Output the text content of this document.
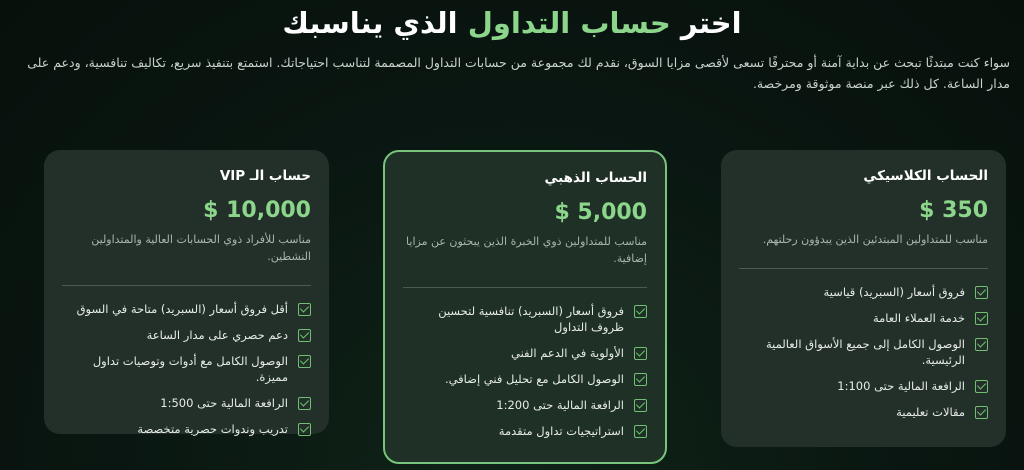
اختر حساب التداول الذي يناسبك

سواء كنت مبتدئًا تبحث عن بداية آمنة أو محترفًا تسعى لأقصى مزايا السوق، نقدم لك مجموعة من حسابات التداول المصممة لتناسب احتياجاتك. استمتع بتنفيذ سريع، تكاليف تنافسية، ودعم على مدار الساعة. كل ذلك عبر منصة موثوقة ومرخصة.

الحساب الكلاسيكي
$ 350
مناسب للمتداولين المبتدئين الذين يبدؤون رحلتهم.
فروق أسعار (السبريد) قياسية
خدمة العملاء العامة
الوصول الكامل إلى جميع الأسواق العالمية الرئيسية.
الرافعة المالية حتى 1:100
مقالات تعليمية
الحساب الذهبي
$ 5,000
مناسب للمتداولين ذوي الخبرة الذين يبحثون عن مزايا إضافية.
فروق أسعار (السبريد) تنافسية لتحسين ظروف التداول
الأولوية في الدعم الفني
الوصول الكامل مع تحليل فني إضافي.
الرافعة المالية حتى 1:200
استراتيجيات تداول متقدمة
حساب الـ VIP
$ 10,000
مناسب للأفراد ذوي الحسابات العالية والمتداولين النشطين.
أقل فروق أسعار (السبريد) متاحة في السوق
دعم حصري على مدار الساعة
الوصول الكامل مع أدوات وتوصيات تداول مميزة.
الرافعة المالية حتى 1:500
تدريب وندوات حصرية متخصصة
